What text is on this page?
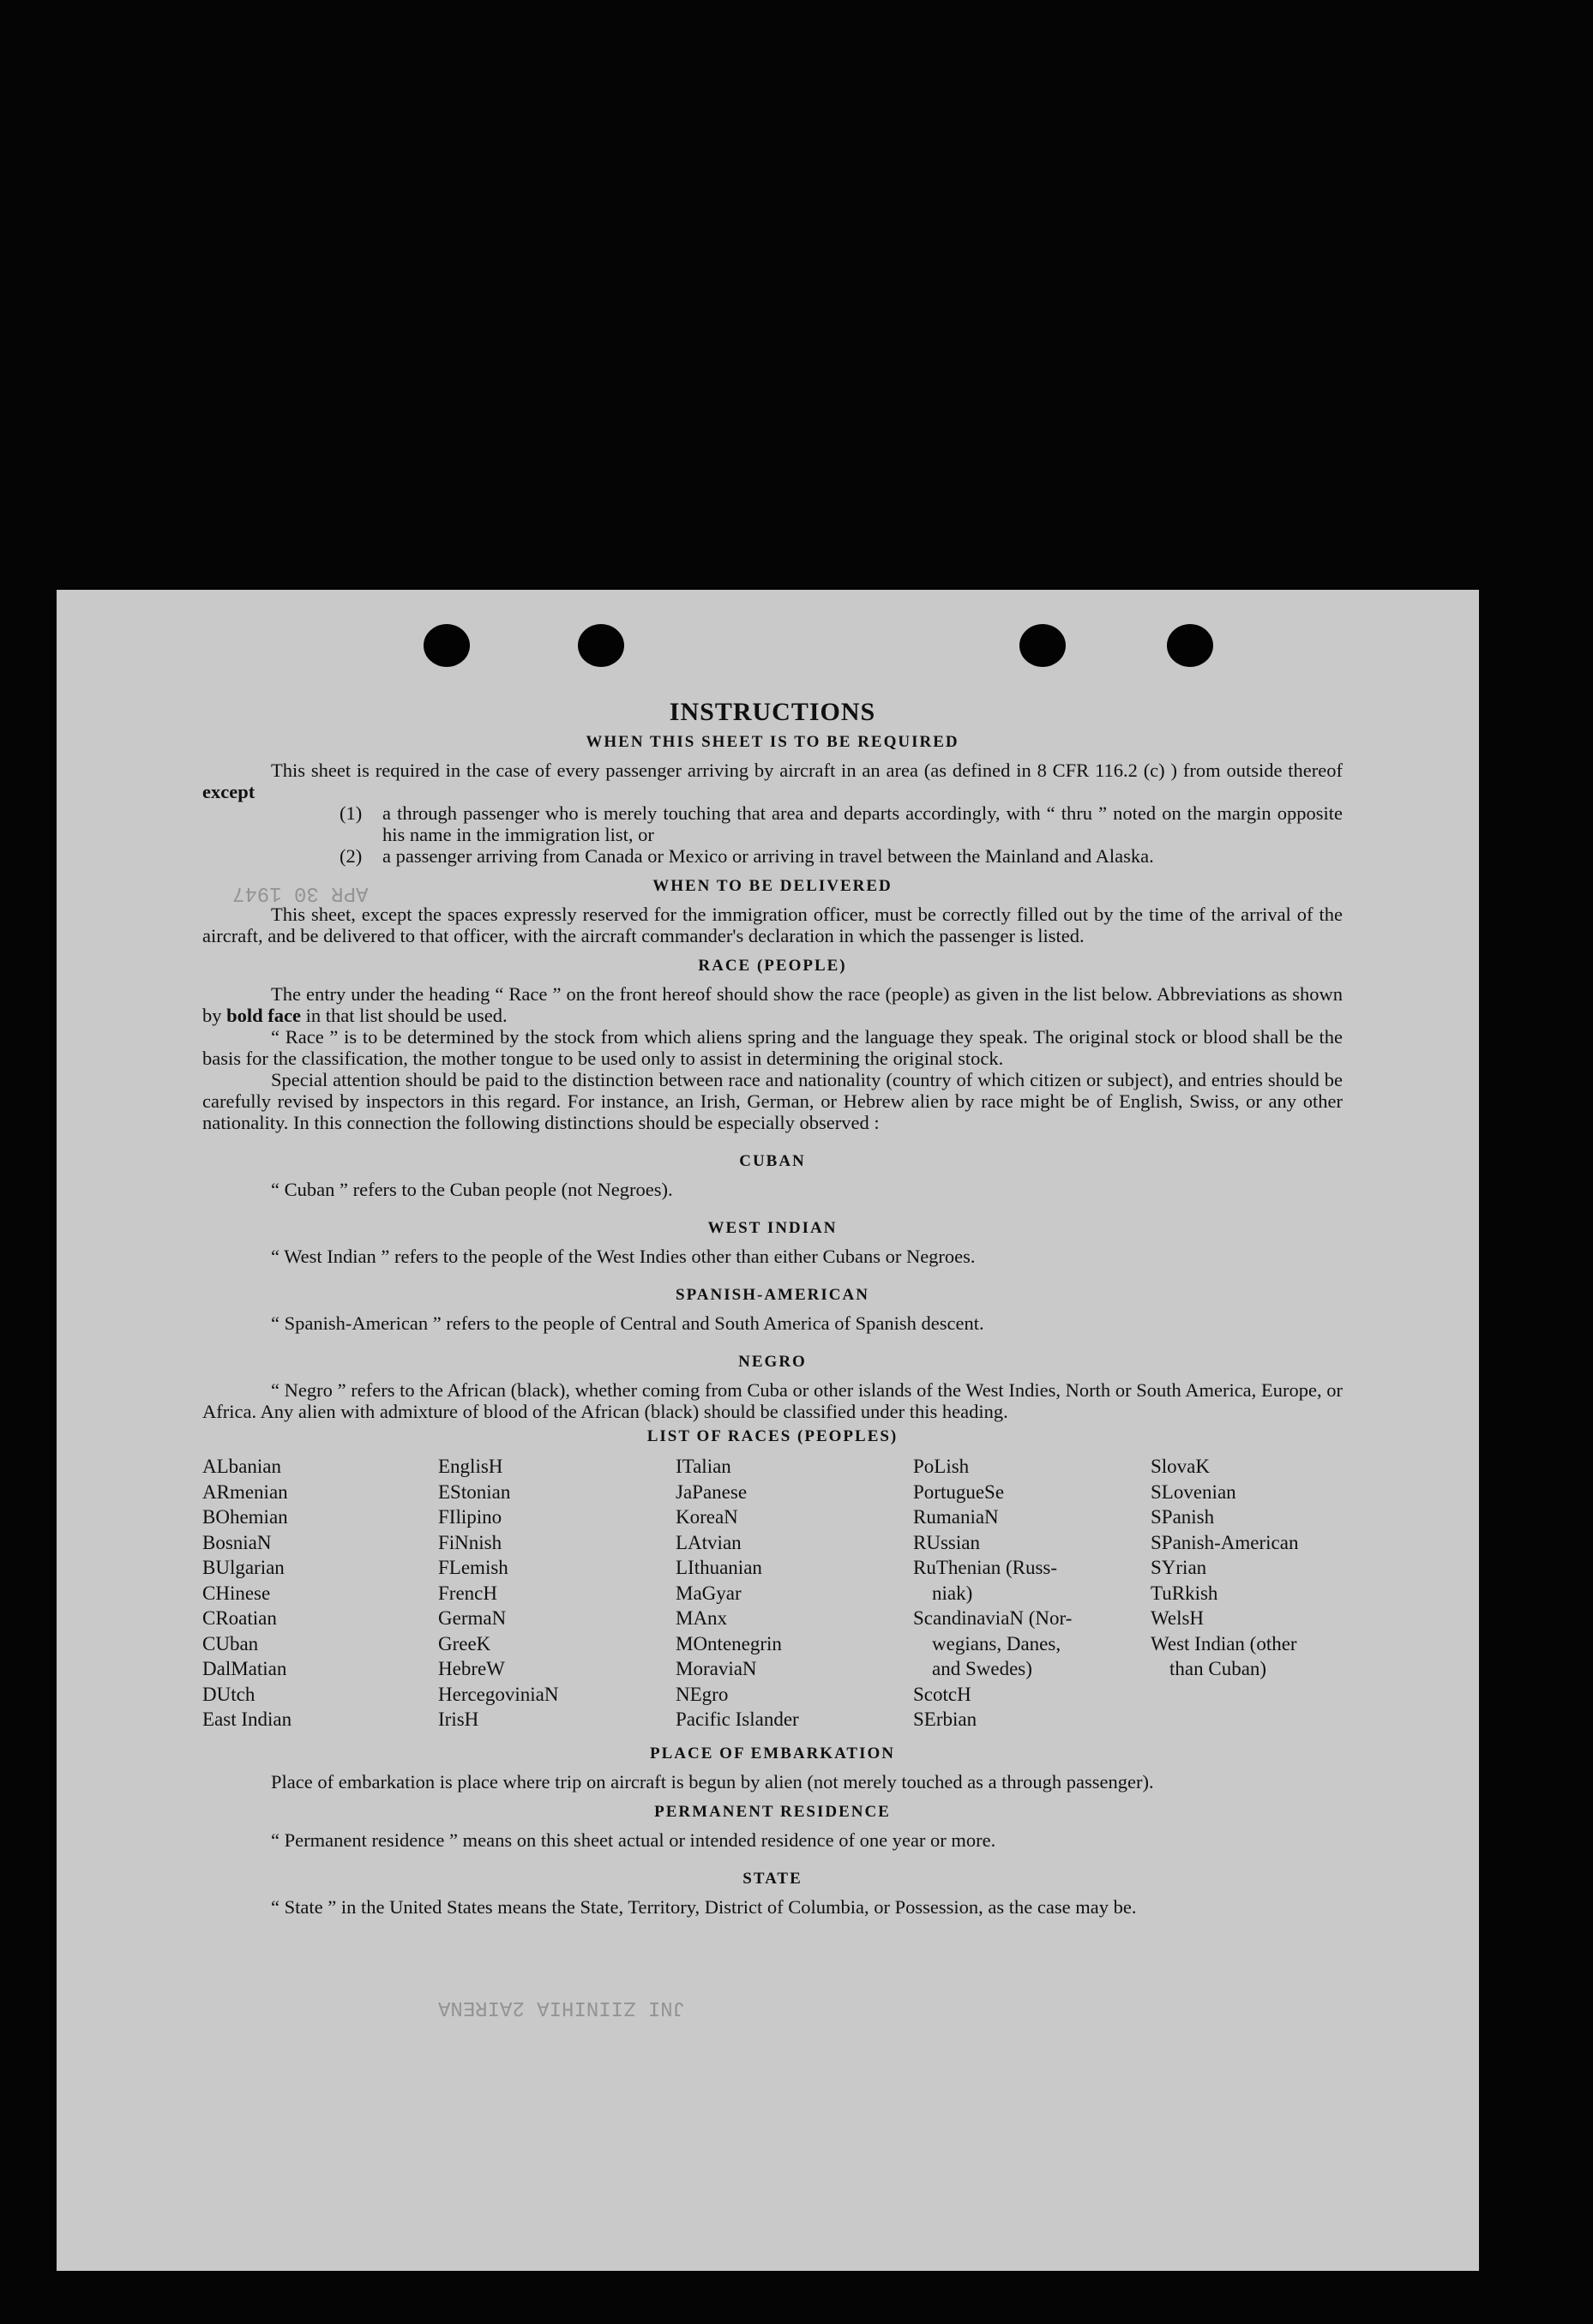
APR 30 1947
JNI ZIINIHIA 2AIRENA
INSTRUCTIONS
WHEN THIS SHEET IS TO BE REQUIRED

This sheet is required in the case of every passenger arriving by aircraft in an area (as defined in 8 CFR 116.2 (c) ) from outside thereof except

(1)	a through passenger who is merely touching that area and departs accordingly, with “ thru ” noted on the margin opposite his name in the immigration list, or
(2)	a passenger arriving from Canada or Mexico or arriving in travel between the Mainland and Alaska.
WHEN TO BE DELIVERED

This sheet, except the spaces expressly reserved for the immigration officer, must be correctly filled out by the time of the arrival of the aircraft, and be delivered to that officer, with the aircraft commander's declaration in which the passenger is listed.

RACE (PEOPLE)

The entry under the heading “ Race ” on the front hereof should show the race (people) as given in the list below. Abbreviations as shown by bold face in that list should be used.

“ Race ” is to be determined by the stock from which aliens spring and the language they speak. The original stock or blood shall be the basis for the classification, the mother tongue to be used only to assist in determining the original stock.

Special attention should be paid to the distinction between race and nationality (country of which citizen or subject), and entries should be carefully revised by inspectors in this regard. For instance, an Irish, German, or Hebrew alien by race might be of English, Swiss, or any other nationality. In this connection the following distinctions should be especially observed :

CUBAN

“ Cuban ” refers to the Cuban people (not Negroes).

WEST INDIAN

“ West Indian ” refers to the people of the West Indies other than either Cubans or Negroes.

SPANISH-AMERICAN

“ Spanish-American ” refers to the people of Central and South America of Spanish descent.

NEGRO

“ Negro ” refers to the African (black), whether coming from Cuba or other islands of the West Indies, North or South America, Europe, or Africa. Any alien with admixture of blood of the African (black) should be classified under this heading.

LIST OF RACES (PEOPLES)
ALbanian
ARmenian
BOhemian
BosniaN
BUlgarian
CHinese
CRoatian
CUban
DalMatian
DUtch
East Indian
EnglisH
EStonian
FIlipino
FiNnish
FLemish
FrencH
GermaN
GreeK
HebreW
HercegoviniaN
IrisH
ITalian
JaPanese
KoreaN
LAtvian
LIthuanian
MaGyar
MAnx
MOntenegrin
MoraviaN
NEgro
Pacific Islander
PoLish
PortugueSe
RumaniaN
RUssian
RuThenian (Russ-
niak)
ScandinaviaN (Nor-
wegians, Danes,
and Swedes)
ScotcH
SErbian
SlovaK
SLovenian
SPanish
SPanish-American
SYrian
TuRkish
WelsH
West Indian (other
than Cuban)
PLACE OF EMBARKATION

Place of embarkation is place where trip on aircraft is begun by alien (not merely touched as a through passenger).

PERMANENT RESIDENCE

“ Permanent residence ” means on this sheet actual or intended residence of one year or more.

STATE

“ State ” in the United States means the State, Territory, District of Columbia, or Possession, as the case may be.
